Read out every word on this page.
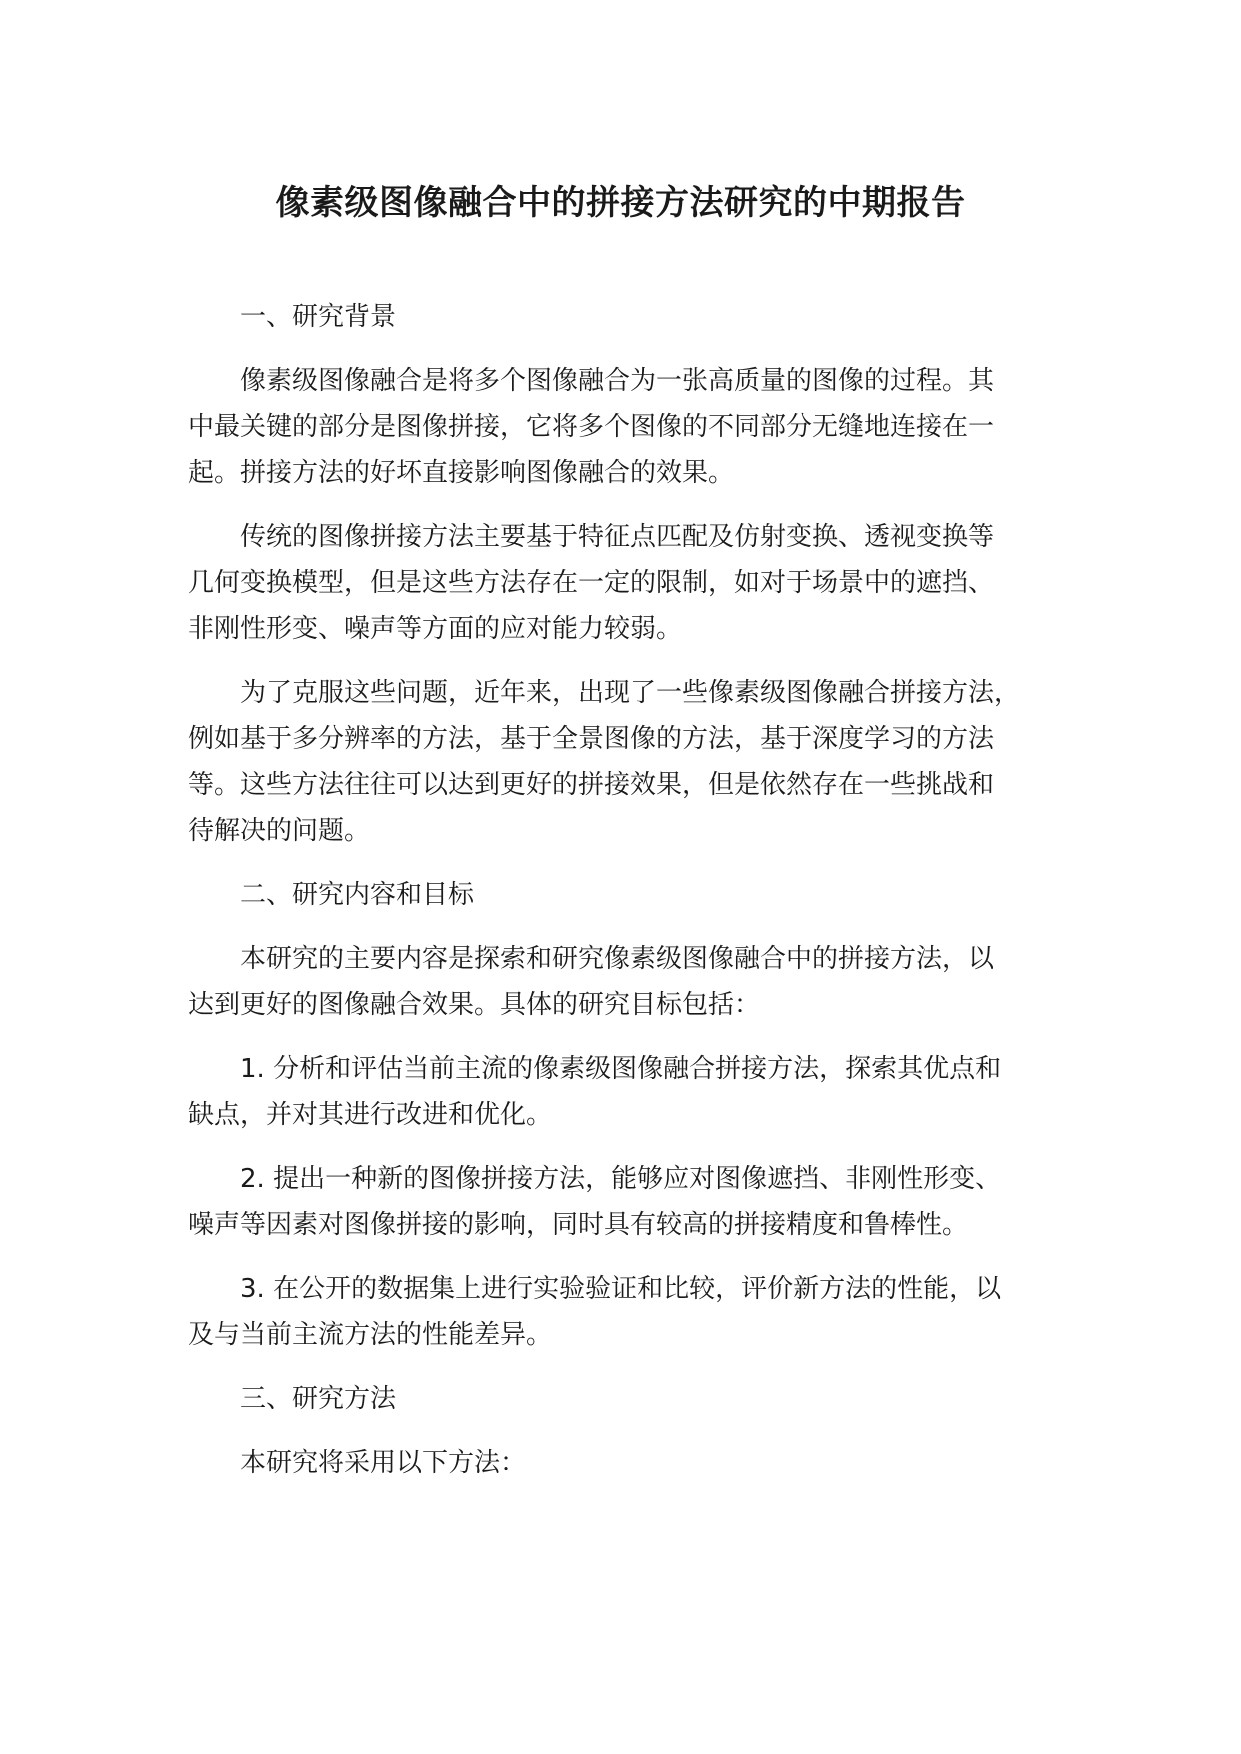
像素级图像融合中的拼接方法研究的中期报告
一、研究背景
像素级图像融合是将多个图像融合为一张高质量的图像的过程。其
中最关键的部分是图像拼接，它将多个图像的不同部分无缝地连接在一
起。拼接方法的好坏直接影响图像融合的效果。
传统的图像拼接方法主要基于特征点匹配及仿射变换、透视变换等
几何变换模型，但是这些方法存在一定的限制，如对于场景中的遮挡、
非刚性形变、噪声等方面的应对能力较弱。
为了克服这些问题，近年来，出现了一些像素级图像融合拼接方法，
例如基于多分辨率的方法，基于全景图像的方法，基于深度学习的方法
等。这些方法往往可以达到更好的拼接效果，但是依然存在一些挑战和
待解决的问题。
二、研究内容和目标
本研究的主要内容是探索和研究像素级图像融合中的拼接方法，以
达到更好的图像融合效果。具体的研究目标包括：
1. 分析和评估当前主流的像素级图像融合拼接方法，探索其优点和
缺点，并对其进行改进和优化。
2. 提出一种新的图像拼接方法，能够应对图像遮挡、非刚性形变、
噪声等因素对图像拼接的影响，同时具有较高的拼接精度和鲁棒性。
3. 在公开的数据集上进行实验验证和比较，评价新方法的性能，以
及与当前主流方法的性能差异。
三、研究方法
本研究将采用以下方法：
